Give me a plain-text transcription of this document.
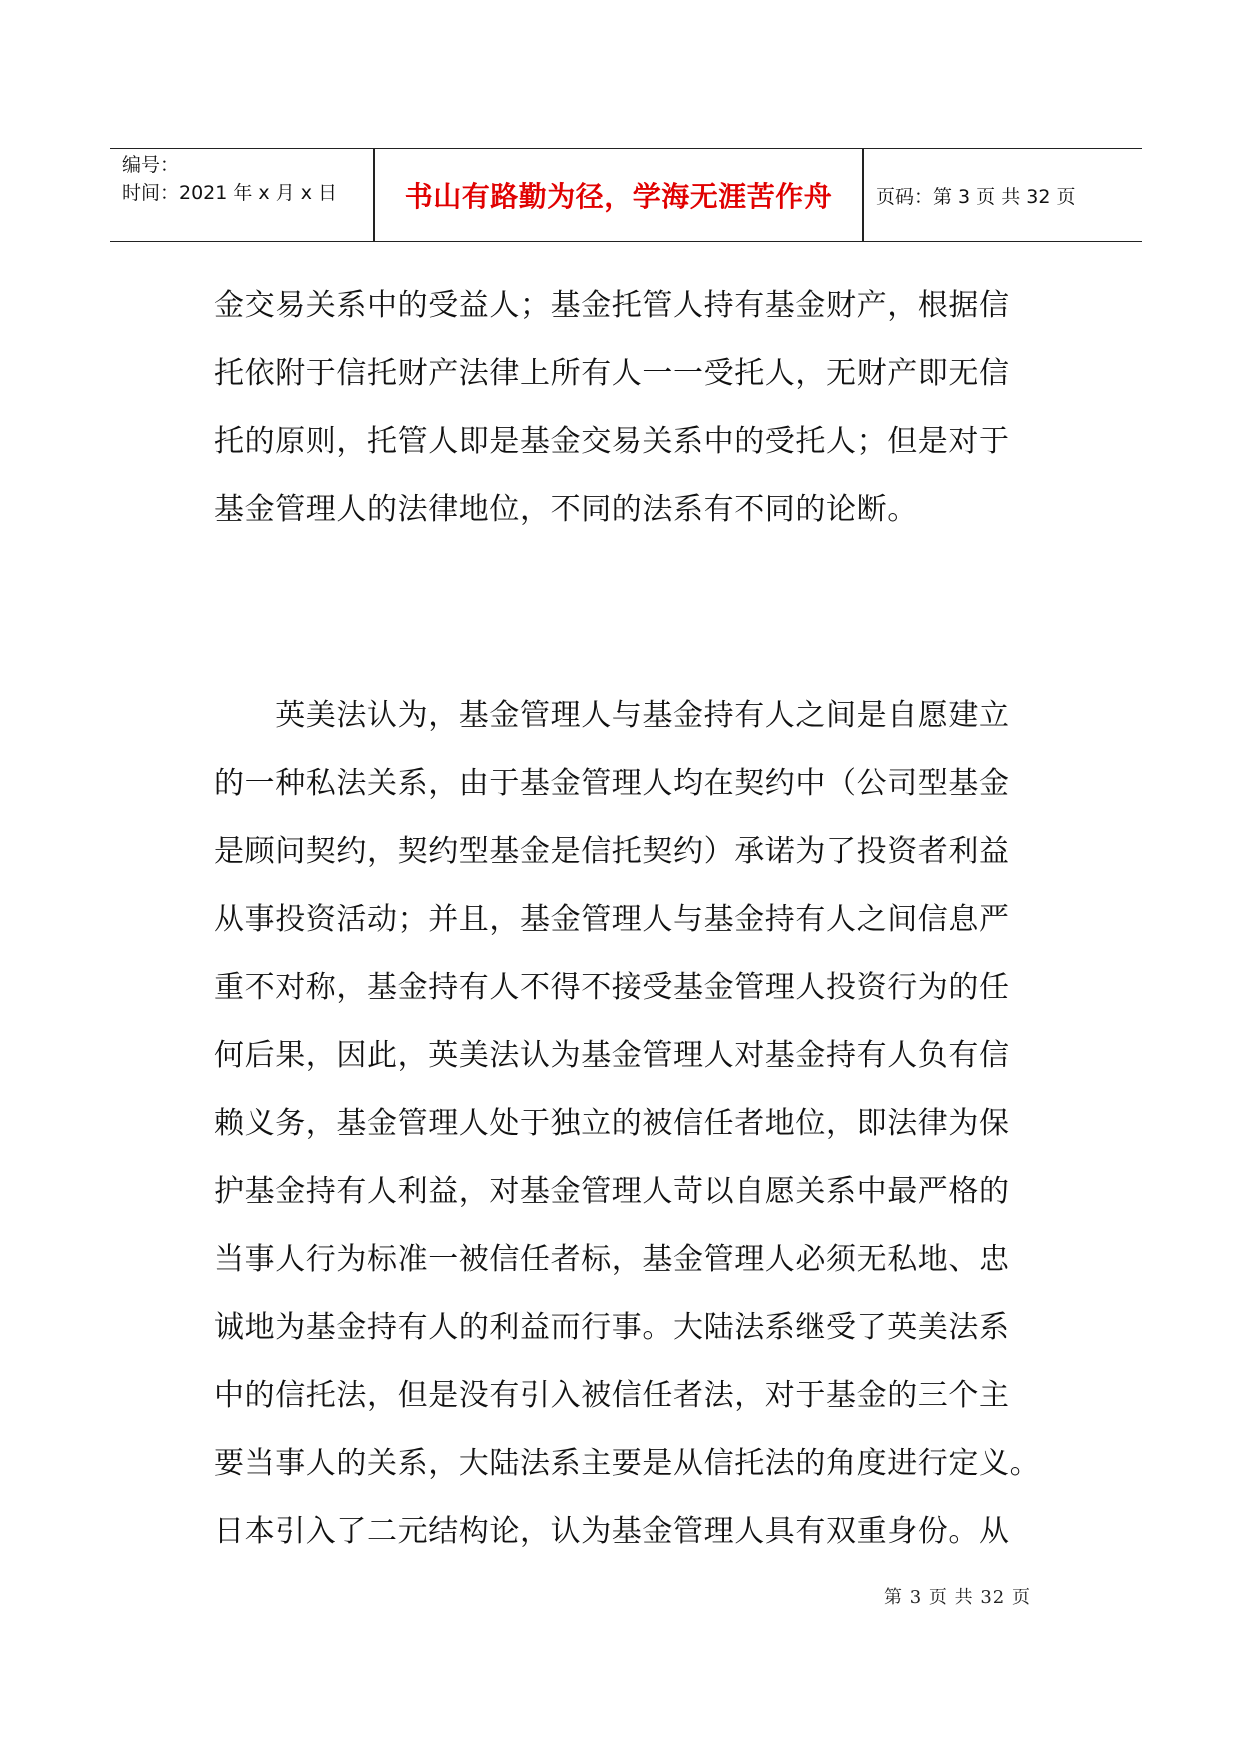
编号：
时间：2021 年 x 月 x 日	书山有路勤为径，学海无涯苦作舟	页码：第 3 页 共 32 页
金交易关系中的受益人；基金托管人持有基金财产，根据信
托依附于信托财产法律上所有人一一受托人，无财产即无信
托的原则，托管人即是基金交易关系中的受托人；但是对于
基金管理人的法律地位，不同的法系有不同的论断。
　　英美法认为，基金管理人与基金持有人之间是自愿建立
的一种私法关系，由于基金管理人均在契约中（公司型基金
是顾问契约，契约型基金是信托契约）承诺为了投资者利益
从事投资活动；并且，基金管理人与基金持有人之间信息严
重不对称，基金持有人不得不接受基金管理人投资行为的任
何后果，因此，英美法认为基金管理人对基金持有人负有信
赖义务，基金管理人处于独立的被信任者地位，即法律为保
护基金持有人利益，对基金管理人苛以自愿关系中最严格的
当事人行为标准一被信任者标，基金管理人必须无私地、忠
诚地为基金持有人的利益而行事。大陆法系继受了英美法系
中的信托法，但是没有引入被信任者法，对于基金的三个主
要当事人的关系，大陆法系主要是从信托法的角度进行定义。
日本引入了二元结构论，认为基金管理人具有双重身份。从
第 3 页 共 32 页
